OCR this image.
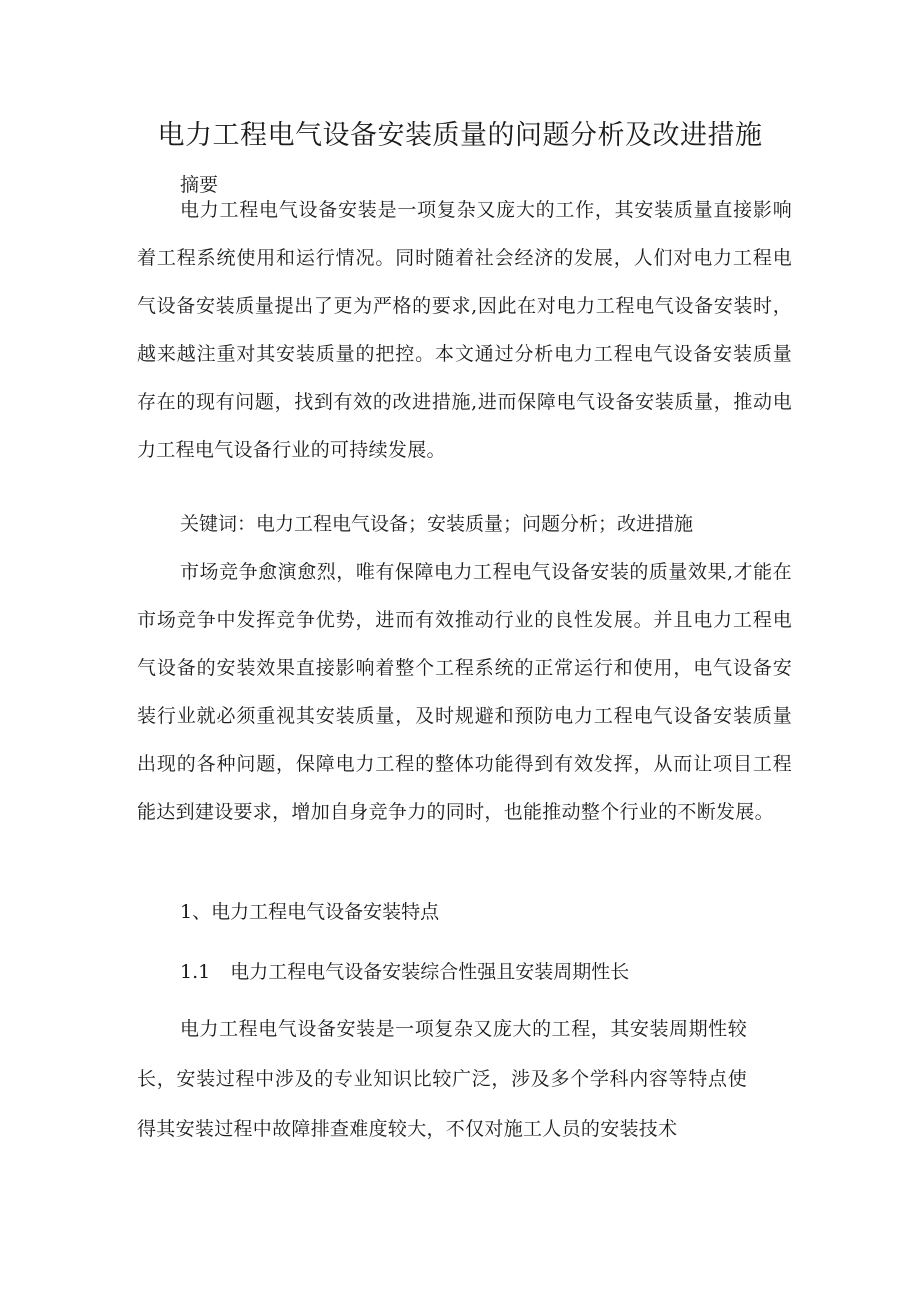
电力工程电气设备安装质量的问题分析及改进措施

摘要

电力工程电气设备安装是一项复杂又庞大的工作，其安装质量直接影响着工程系统使用和运行情况。同时随着社会经济的发展，人们对电力工程电气设备安装质量提出了更为严格的要求,因此在对电力工程电气设备安装时，越来越注重对其安装质量的把控。本文通过分析电力工程电气设备安装质量存在的现有问题，找到有效的改进措施,进而保障电气设备安装质量，推动电力工程电气设备行业的可持续发展。

关键词：电力工程电气设备；安装质量；问题分析；改进措施

市场竞争愈演愈烈，唯有保障电力工程电气设备安装的质量效果,才能在市场竞争中发挥竞争优势，进而有效推动行业的良性发展。并且电力工程电气设备的安装效果直接影响着整个工程系统的正常运行和使用，电气设备安装行业就必须重视其安装质量，及时规避和预防电力工程电气设备安装质量出现的各种问题，保障电力工程的整体功能得到有效发挥，从而让项目工程能达到建设要求，增加自身竞争力的同时，也能推动整个行业的不断发展。

1、电力工程电气设备安装特点

1.1 电力工程电气设备安装综合性强且安装周期性长

电力工程电气设备安装是一项复杂又庞大的工程，其安装周期性较长，安装过程中涉及的专业知识比较广泛，涉及多个学科内容等特点使得其安装过程中故障排查难度较大，不仅对施工人员的安装技术
